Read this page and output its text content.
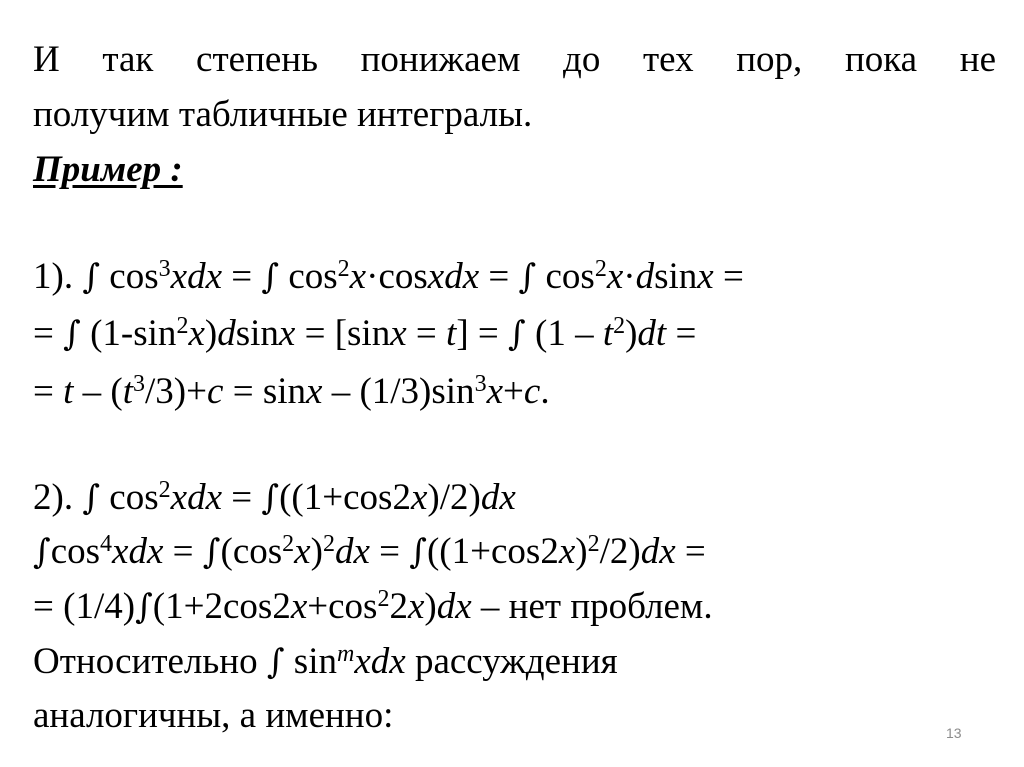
И так степень понижаем до тех пор, пока не
получим табличные интегралы.
Пример :
1). ∫ $\cos^3xdx$ = ∫ $\cos^2x\cdot cosxdx$ = ∫ $\cos^2x\cdot dsinx$ =
= ∫ $(1-\sin^2x)dsinx = [\sin x = t]$ = ∫ $(1 - t^2)dt$ =
= $t - (t^3/3)+c = \sin x - (1/3)\sin^3x+c$.
2). ∫ $\cos^2xdx = \int((1+\cos 2x)/2)dx$
$\int\cos^4xdx = \int(\cos^2x)^2dx = \int((1+\cos 2x)^2/2)dx$ =
= $(1/4)\int(1+2\cos 2x+\cos^22x)dx$ – нет проблем.
Относительно ∫ $\sin^mxdx$ рассуждения
аналогичны, а именно:	13
